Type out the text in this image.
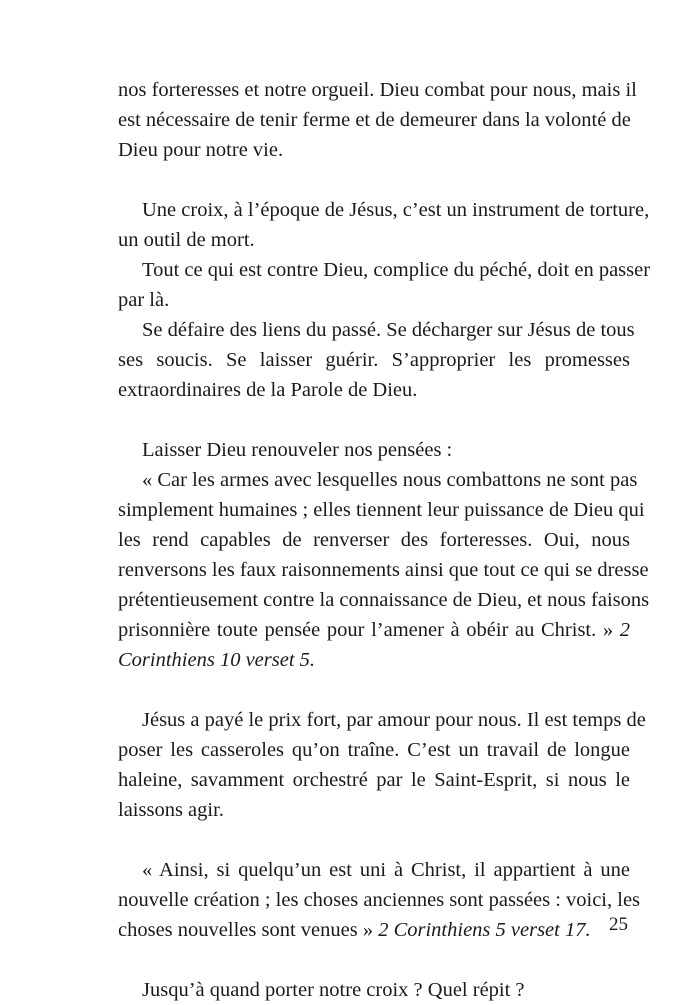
nos forteresses et notre orgueil. Dieu combat pour nous, mais il
est nécessaire de tenir ferme et de demeurer dans la volonté de
Dieu pour notre vie.
Une croix, à l’époque de Jésus, c’est un instrument de torture,
un outil de mort.
Tout ce qui est contre Dieu, complice du péché, doit en passer
par là.
Se défaire des liens du passé. Se décharger sur Jésus de tous
ses soucis. Se laisser guérir. S’approprier les promesses
extraordinaires de la Parole de Dieu.
Laisser Dieu renouveler nos pensées :
« Car les armes avec lesquelles nous combattons ne sont pas
simplement humaines ; elles tiennent leur puissance de Dieu qui
les rend capables de renverser des forteresses. Oui, nous
renversons les faux raisonnements ainsi que tout ce qui se dresse
prétentieusement contre la connaissance de Dieu, et nous faisons
prisonnière toute pensée pour l’amener à obéir au Christ. » 2
Corinthiens 10 verset 5.
Jésus a payé le prix fort, par amour pour nous. Il est temps de
poser les casseroles qu’on traîne. C’est un travail de longue
haleine, savamment orchestré par le Saint-Esprit, si nous le
laissons agir.
« Ainsi, si quelqu’un est uni à Christ, il appartient à une
nouvelle création ; les choses anciennes sont passées : voici, les
choses nouvelles sont venues » 2 Corinthiens 5 verset 17.
Jusqu’à quand porter notre croix ? Quel répit ?
25
